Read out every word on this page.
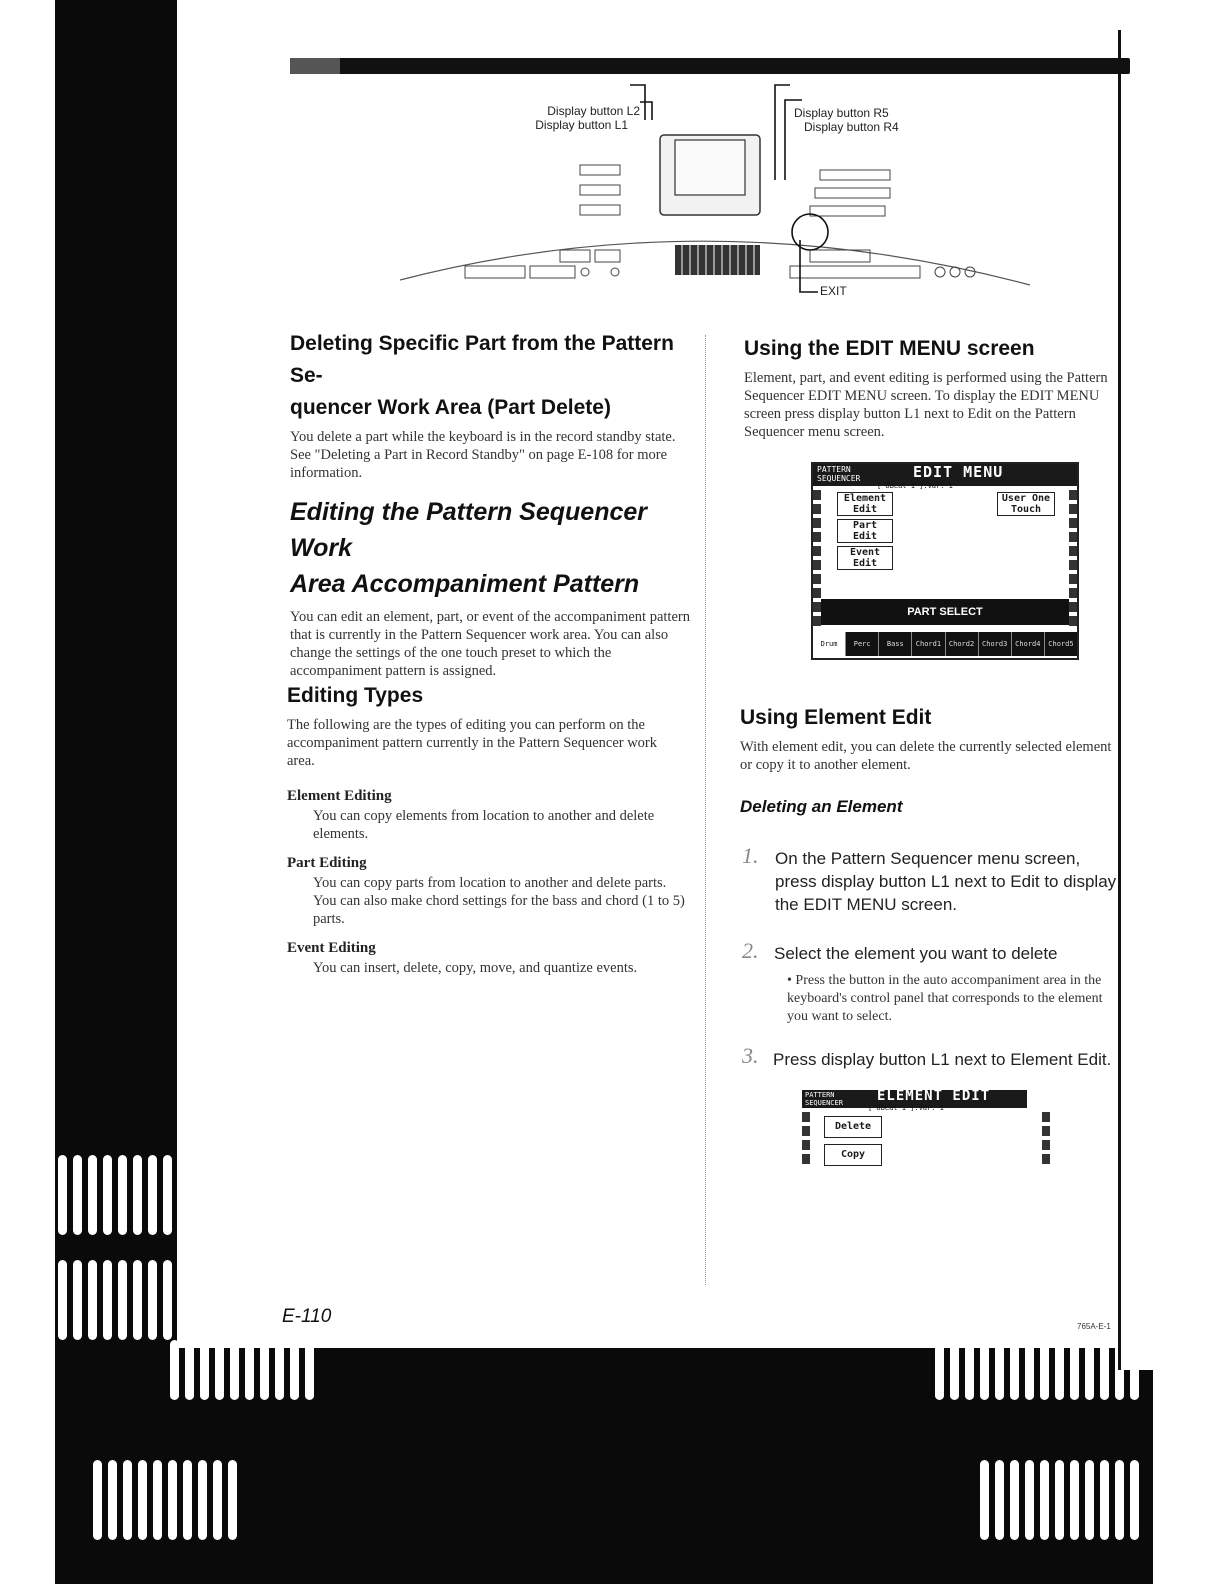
Display button L2
Display button L1
Display button R5
Display button R4
EXIT
Deleting Specific Part from the Pattern Se-
quencer Work Area (Part Delete)

You delete a part while the keyboard is in the record standby state. See "Deleting a Part in Record Standby" on page E-108 for more information.

Editing the Pattern Sequencer Work
Area Accompaniment Pattern

You can edit an element, part, or event of the accompaniment pattern that is currently in the Pattern Sequencer work area. You can also change the settings of the one touch preset to which the accompaniment pattern is assigned.

Editing Types

The following are the types of editing you can perform on the accompaniment pattern currently in the Pattern Sequencer work area.

Element Editing
You can copy elements from location to another and delete elements.
Part Editing
You can copy parts from location to another and delete parts. You can also make chord settings for the bass and chord (1 to 5) parts.
Event Editing
You can insert, delete, copy, move, and quantize events.
Using the EDIT MENU screen

Element, part, and event editing is performed using the Pattern Sequencer EDIT MENU screen. To display the EDIT MENU screen press display button L1 next to Edit on the Pattern Sequencer menu screen.

PATTERN
SEQUENCER	EDIT MENU
[ 8Beat 1 ]:Var. 1
Element Edit
Part Edit
Event Edit
User One Touch
PART SELECT
Drum	Perc	Bass	Chord1	Chord2	Chord3	Chord4	Chord5
Using Element Edit

With element edit, you can delete the currently selected element or copy it to another element.

Deleting an Element
1. On the Pattern Sequencer menu screen, press display button L1 next to Edit to display the EDIT MENU screen.
2. Select the element you want to delete
• Press the button in the auto accompaniment area in the keyboard's control panel that corresponds to the element you want to select.
3. Press display button L1 next to Element Edit.
PATTERN
SEQUENCER ELEMENT EDIT
[ 8Beat 1 ]:Var. 1
Delete
Copy
E-110	765A-E-1
